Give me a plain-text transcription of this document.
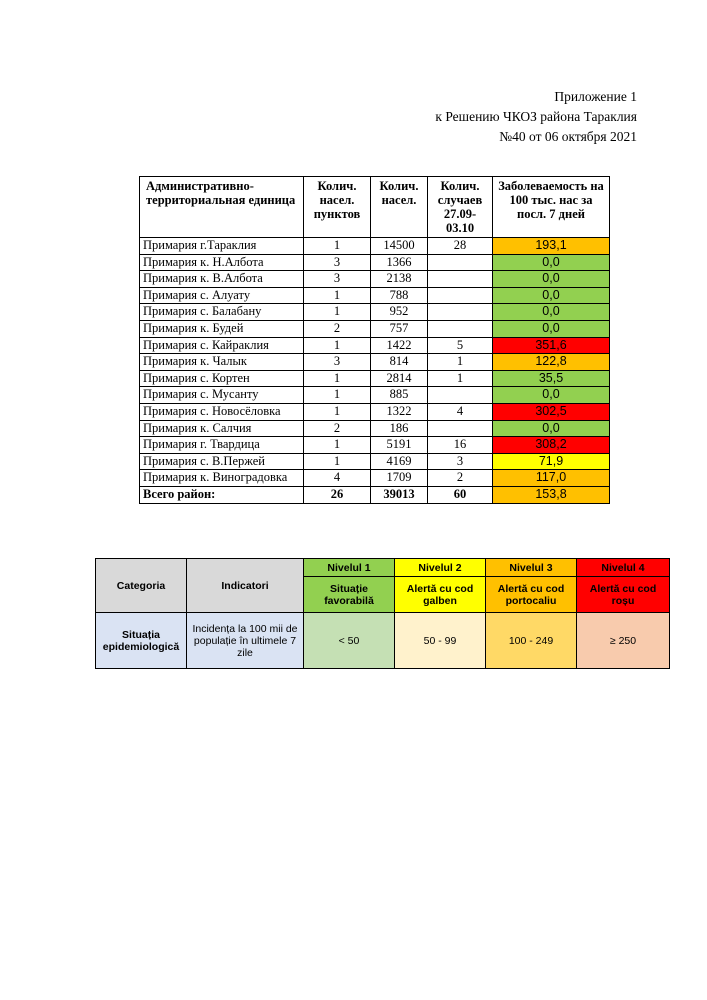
Приложение 1
к Решению ЧКОЗ района Тараклия
№40 от 06 октября 2021
Административно-территориальная единица	Колич. насел. пунктов	Колич. насел.	Колич. случаев 27.09-03.10	Заболеваемость на 100 тыс. нас за посл. 7 дней
Примария г.Тараклия	1	14500	28	193,1
Примария к. Н.Албота	3	1366		0,0
Примария к. В.Албота	3	2138		0,0
Примария с. Алуату	1	788		0,0
Примария с. Балабану	1	952		0,0
Примария к. Будей	2	757		0,0
Примария с. Кайраклия	1	1422	5	351,6
Примария к. Чалык	3	814	1	122,8
Примария с. Кортен	1	2814	1	35,5
Примария с. Мусанту	1	885		0,0
Примария с. Новосёловка	1	1322	4	302,5
Примария к. Салчия	2	186		0,0
Примария г. Твардица	1	5191	16	308,2
Примария с. В.Пержей	1	4169	3	71,9
Примария к. Виноградовка	4	1709	2	117,0
Всего район:	26	39013	60	153,8
Categoria	Indicatori	Nivelul 1	Nivelul 2	Nivelul 3	Nivelul 4
		Situație favorabilă	Alertă cu cod galben	Alertă cu cod portocaliu	Alertă cu cod roșu
Situația epidemiologică	Incidența la 100 mii de populație în ultimele 7 zile	< 50	50 - 99	100 - 249	≥ 250
